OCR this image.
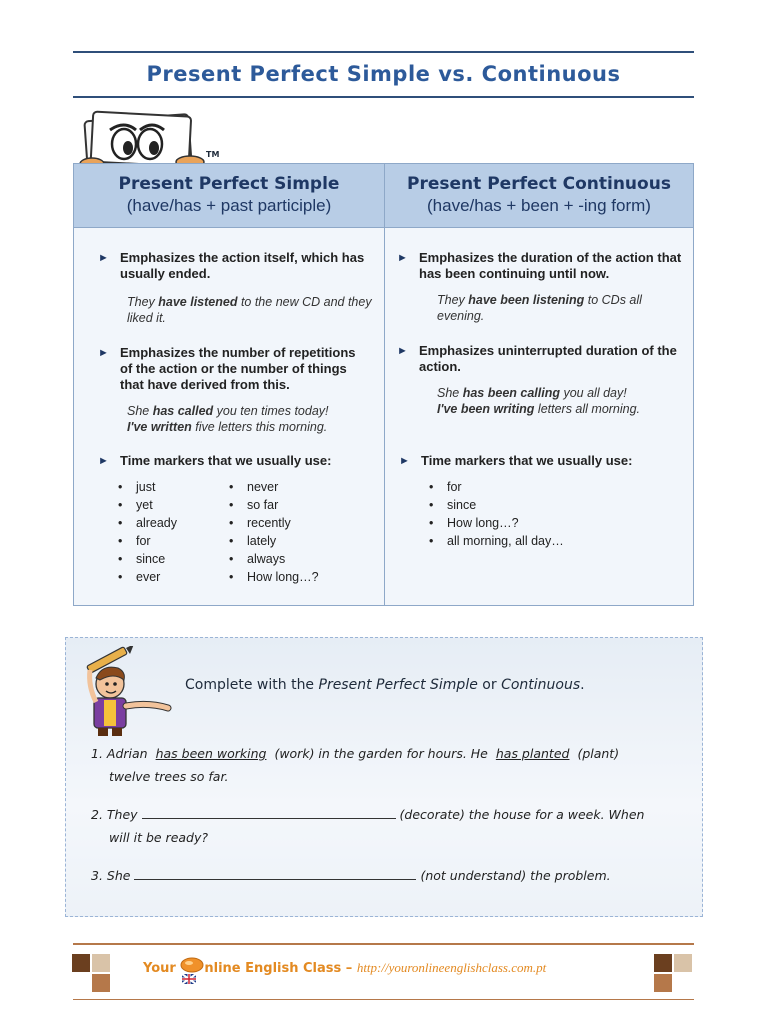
Present Perfect Simple vs. Continuous
TM
Present Perfect Simple
(have/has + past participle)
► Emphasizes the action itself, which has
usually ended.
They have listened to the new CD and they
liked it.
► Emphasizes the number of repetitions
of the action or the number of things
that have derived from this.
She has called you ten times today!
I've written five letters this morning.
► Time markers that we usually use:
• just
• yet
• already
• for
• since
• ever
• never
• so far
• recently
• lately
• always
• How long…?
Present Perfect Continuous
(have/has + been + -ing form)
► Emphasizes the duration of the action that
has been continuing until now.
They have been listening to CDs all
evening.
► Emphasizes uninterrupted duration of the
action.
She has been calling you all day!
I've been writing letters all morning.
► Time markers that we usually use:
• for
• since
• How long…?
• all morning, all day…
Complete with the Present Perfect Simple or Continuous.
1. Adrian has been working (work) in the garden for hours. He has planted (plant)
twelve trees so far.
2. They	(decorate) the house for a week. When
will it be ready?
3. She	(not understand) the problem.
Your nline English Class – http://youronlineenglishclass.com.pt
